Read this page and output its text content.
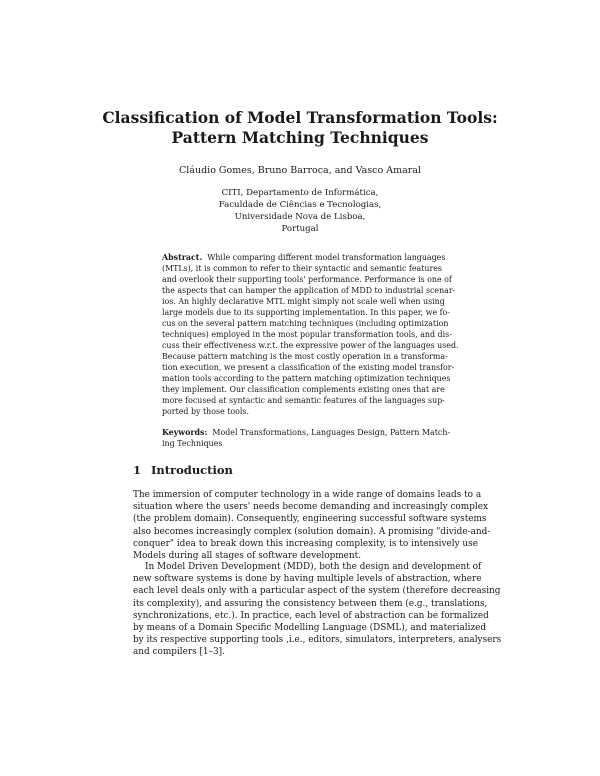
Classification of Model Transformation Tools:
Pattern Matching Techniques
Cláudio Gomes, Bruno Barroca, and Vasco Amaral
CITI, Departamento de Informática,
Faculdade de Ciências e Tecnologias,
Universidade Nova de Lisboa,
Portugal
Abstract. While comparing different model transformation languages
(MTLs), it is common to refer to their syntactic and semantic features
and overlook their supporting tools' performance. Performance is one of
the aspects that can hamper the application of MDD to industrial scenar-
ios. An highly declarative MTL might simply not scale well when using
large models due to its supporting implementation. In this paper, we fo-
cus on the several pattern matching techniques (including optimization
techniques) employed in the most popular transformation tools, and dis-
cuss their effectiveness w.r.t. the expressive power of the languages used.
Because pattern matching is the most costly operation in a transforma-
tion execution, we present a classification of the existing model transfor-
mation tools according to the pattern matching optimization techniques
they implement. Our classification complements existing ones that are
more focused at syntactic and semantic features of the languages sup-
ported by those tools.
Keywords: Model Transformations, Languages Design, Pattern Match-
ing Techniques
1 Introduction
The immersion of computer technology in a wide range of domains leads to a
situation where the users' needs become demanding and increasingly complex
(the problem domain). Consequently, engineering successful software systems
also becomes increasingly complex (solution domain). A promising "divide-and-
conquer" idea to break down this increasing complexity, is to intensively use
Models during all stages of software development.
In Model Driven Development (MDD), both the design and development of
new software systems is done by having multiple levels of abstraction, where
each level deals only with a particular aspect of the system (therefore decreasing
its complexity), and assuring the consistency between them (e.g., translations,
synchronizations, etc.). In practice, each level of abstraction can be formalized
by means of a Domain Specific Modelling Language (DSML), and materialized
by its respective supporting tools ,i.e., editors, simulators, interpreters, analysers
and compilers [1–3].
